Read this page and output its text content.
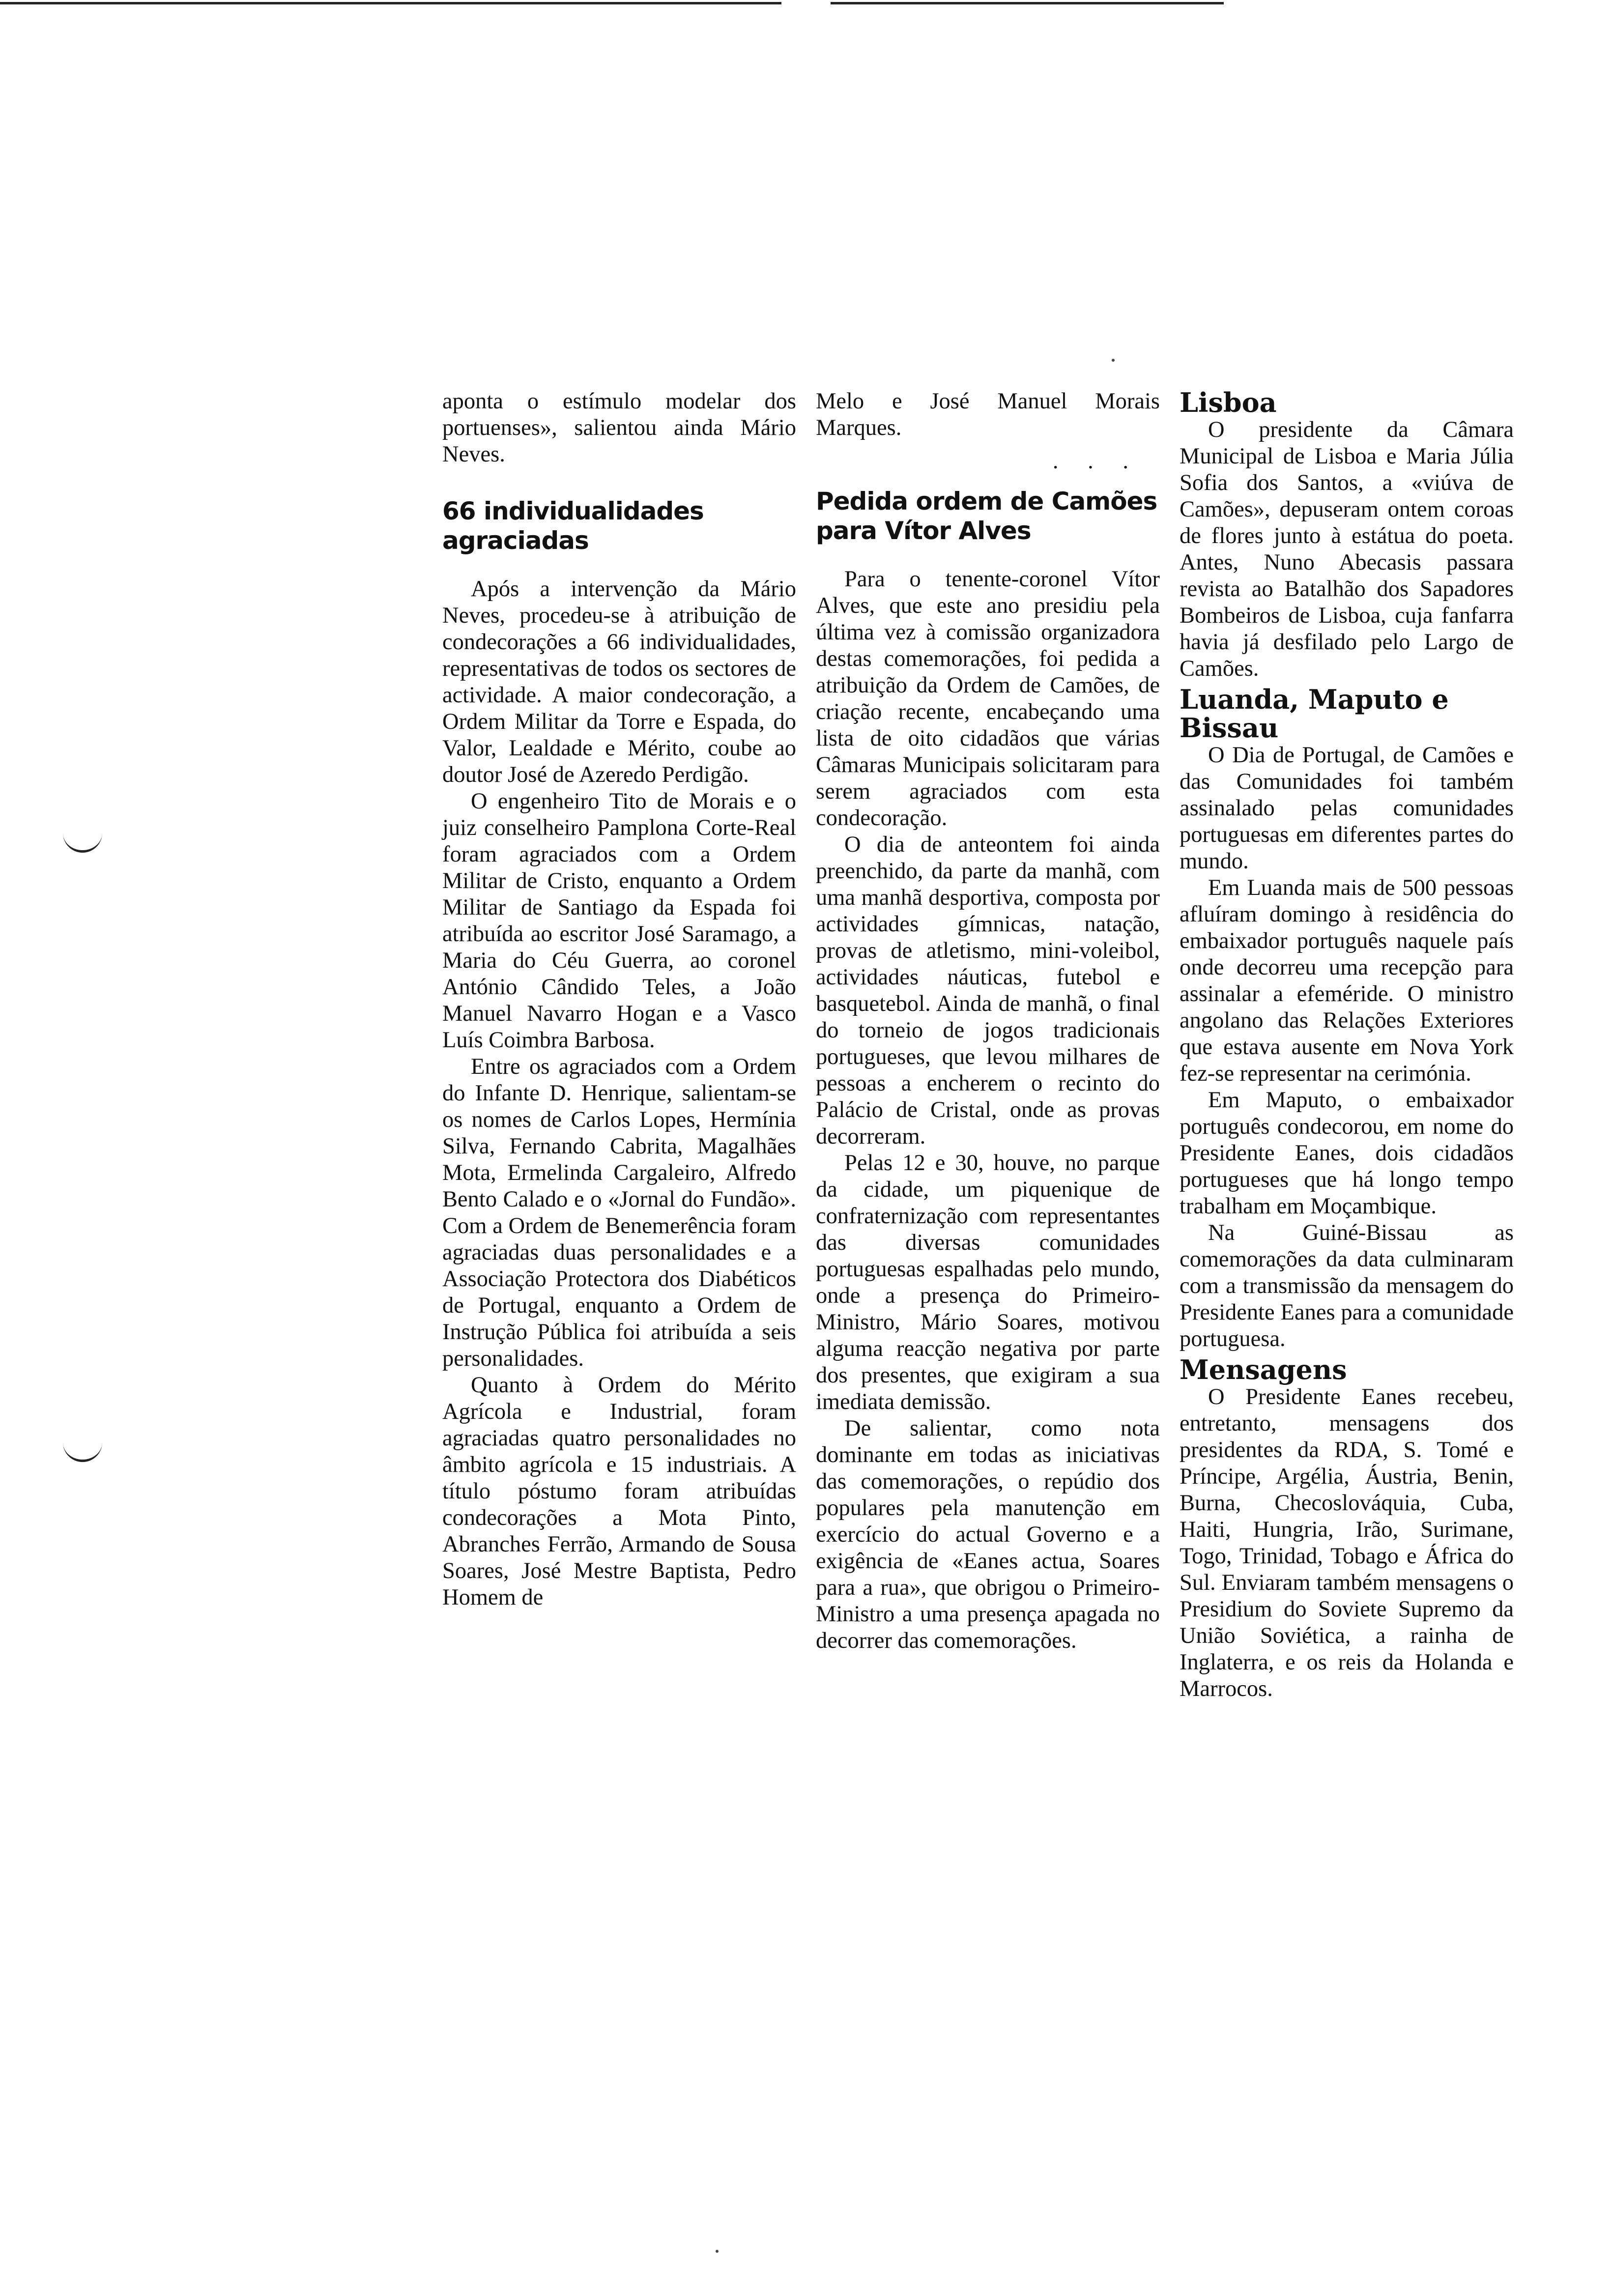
aponta o estímulo modelar dos portuenses», salientou ainda Mário Neves.

66 individualidades agraciadas

Após a intervenção da Mário Neves, procedeu-se à atribuição de condecorações a 66 individualidades, representativas de todos os sectores de actividade. A maior condecoração, a Ordem Militar da Torre e Espada, do Valor, Lealdade e Mérito, coube ao doutor José de Azeredo Perdigão.

O engenheiro Tito de Morais e o juiz conselheiro Pamplona Corte-Real foram agraciados com a Ordem Militar de Cristo, enquanto a Ordem Militar de Santiago da Espada foi atribuída ao escritor José Saramago, a Maria do Céu Guerra, ao coronel António Cândido Teles, a João Manuel Navarro Hogan e a Vasco Luís Coimbra Barbosa.

Entre os agraciados com a Ordem do Infante D. Henrique, salientam-se os nomes de Carlos Lopes, Hermínia Silva, Fernando Cabrita, Magalhães Mota, Ermelinda Cargaleiro, Alfredo Bento Calado e o «Jornal do Fundão». Com a Ordem de Benemerência foram agraciadas duas personalidades e a Associação Protectora dos Diabéticos de Portugal, enquanto a Ordem de Instrução Pública foi atribuída a seis personalidades.

Quanto à Ordem do Mérito Agrícola e Industrial, foram agraciadas quatro personalidades no âmbito agrícola e 15 industriais. A título póstumo foram atribuídas condecorações a Mota Pinto, Abranches Ferrão, Armando de Sousa Soares, José Mestre Baptista, Pedro Homem de

Melo e José Manuel Morais Marques.

. . .
Pedida ordem de Camões para Vítor Alves

Para o tenente-coronel Vítor Alves, que este ano presidiu pela última vez à comissão organizadora destas comemorações, foi pedida a atribuição da Ordem de Camões, de criação recente, encabeçando uma lista de oito cidadãos que várias Câmaras Municipais solicitaram para serem agraciados com esta condecoração.

O dia de anteontem foi ainda preenchido, da parte da manhã, com uma manhã desportiva, composta por actividades gímnicas, natação, provas de atletismo, mini-voleibol, actividades náuticas, futebol e basquetebol. Ainda de manhã, o final do torneio de jogos tradicionais portugueses, que levou milhares de pessoas a encherem o recinto do Palácio de Cristal, onde as provas decorreram.

Pelas 12 e 30, houve, no parque da cidade, um piquenique de confraternização com representantes das diversas comunidades portuguesas espalhadas pelo mundo, onde a presença do Primeiro-Ministro, Mário Soares, motivou alguma reacção negativa por parte dos presentes, que exigiram a sua imediata demissão.

De salientar, como nota dominante em todas as iniciativas das comemorações, o repúdio dos populares pela manutenção em exercício do actual Governo e a exigência de «Eanes actua, Soares para a rua», que obrigou o Primeiro-Ministro a uma presença apagada no decorrer das comemorações.

Lisboa

O presidente da Câmara Municipal de Lisboa e Maria Júlia Sofia dos Santos, a «viúva de Camões», depuseram ontem coroas de flores junto à estátua do poeta. Antes, Nuno Abecasis passara revista ao Batalhão dos Sapadores Bombeiros de Lisboa, cuja fanfarra havia já desfilado pelo Largo de Camões.

Luanda, Maputo e Bissau

O Dia de Portugal, de Camões e das Comunidades foi também assinalado pelas comunidades portuguesas em diferentes partes do mundo.

Em Luanda mais de 500 pessoas afluíram domingo à residência do embaixador português naquele país onde decorreu uma recepção para assinalar a efeméride. O ministro angolano das Relações Exteriores que estava ausente em Nova York fez-se representar na cerimónia.

Em Maputo, o embaixador português condecorou, em nome do Presidente Eanes, dois cidadãos portugueses que há longo tempo trabalham em Moçambique.

Na Guiné-Bissau as comemorações da data culminaram com a transmissão da mensagem do Presidente Eanes para a comunidade portuguesa.

Mensagens

O Presidente Eanes recebeu, entretanto, mensagens dos presidentes da RDA, S. Tomé e Príncipe, Argélia, Áustria, Benin, Burna, Checoslováquia, Cuba, Haiti, Hungria, Irão, Surimane, Togo, Trinidad, Tobago e África do Sul. Enviaram também mensagens o Presidium do Soviete Supremo da União Soviética, a rainha de Inglaterra, e os reis da Holanda e Marrocos.
